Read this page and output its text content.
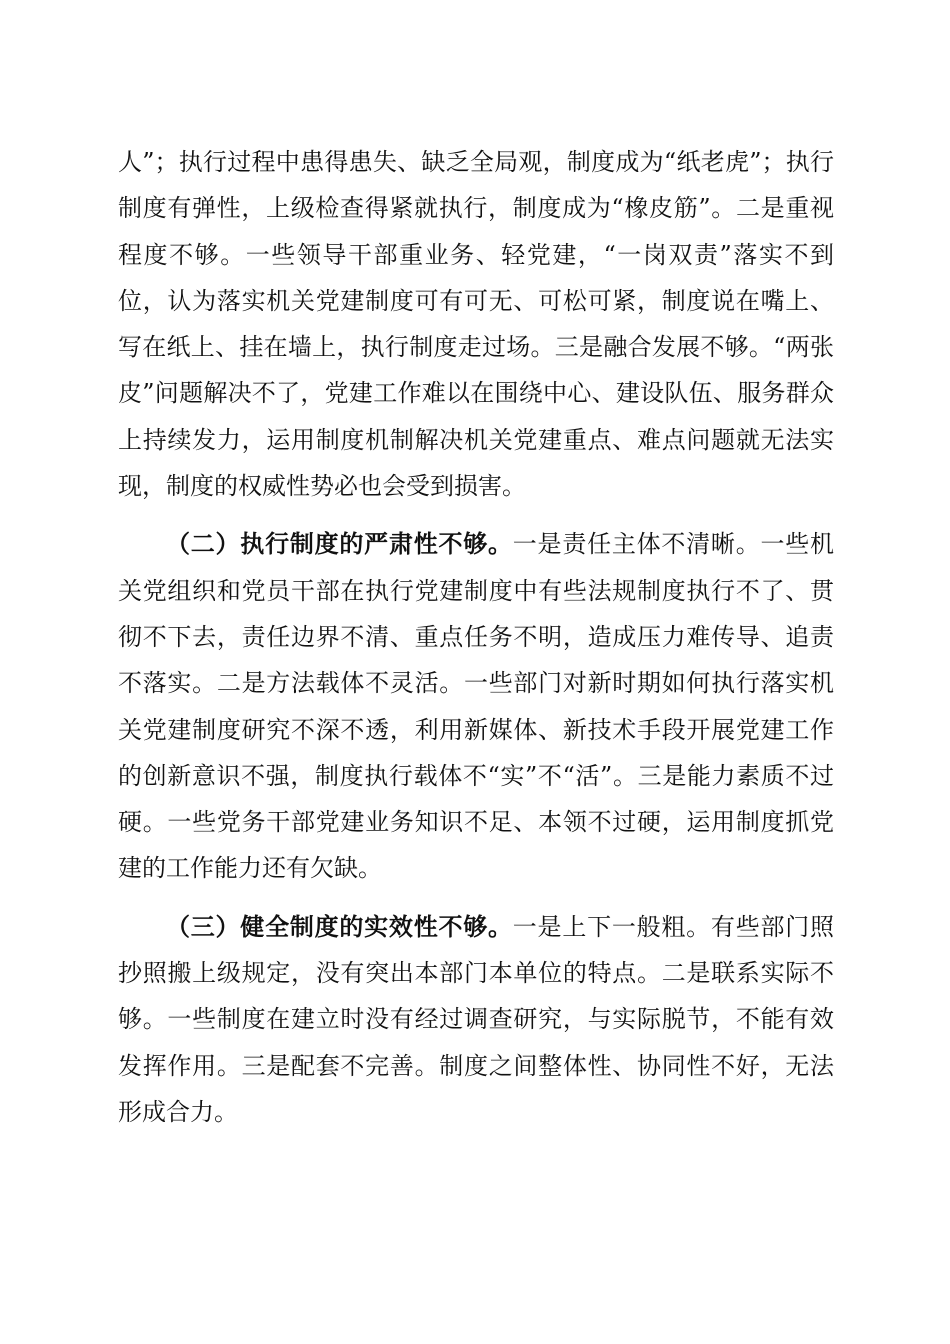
人”；执行过程中患得患失、缺乏全局观，制度成为“纸老虎”；执行制度有弹性，上级检查得紧就执行，制度成为“橡皮筋”。二是重视程度不够。一些领导干部重业务、轻党建，“一岗双责”落实不到位，认为落实机关党建制度可有可无、可松可紧，制度说在嘴上、写在纸上、挂在墙上，执行制度走过场。三是融合发展不够。“两张皮”问题解决不了，党建工作难以在围绕中心、建设队伍、服务群众上持续发力，运用制度机制解决机关党建重点、难点问题就无法实现，制度的权威性势必也会受到损害。

（二）执行制度的严肃性不够。一是责任主体不清晰。一些机关党组织和党员干部在执行党建制度中有些法规制度执行不了、贯彻不下去，责任边界不清、重点任务不明，造成压力难传导、追责不落实。二是方法载体不灵活。一些部门对新时期如何执行落实机关党建制度研究不深不透，利用新媒体、新技术手段开展党建工作的创新意识不强，制度执行载体不“实”不“活”。三是能力素质不过硬。一些党务干部党建业务知识不足、本领不过硬，运用制度抓党建的工作能力还有欠缺。

（三）健全制度的实效性不够。一是上下一般粗。有些部门照抄照搬上级规定，没有突出本部门本单位的特点。二是联系实际不够。一些制度在建立时没有经过调查研究，与实际脱节，不能有效发挥作用。三是配套不完善。制度之间整体性、协同性不好，无法形成合力。
